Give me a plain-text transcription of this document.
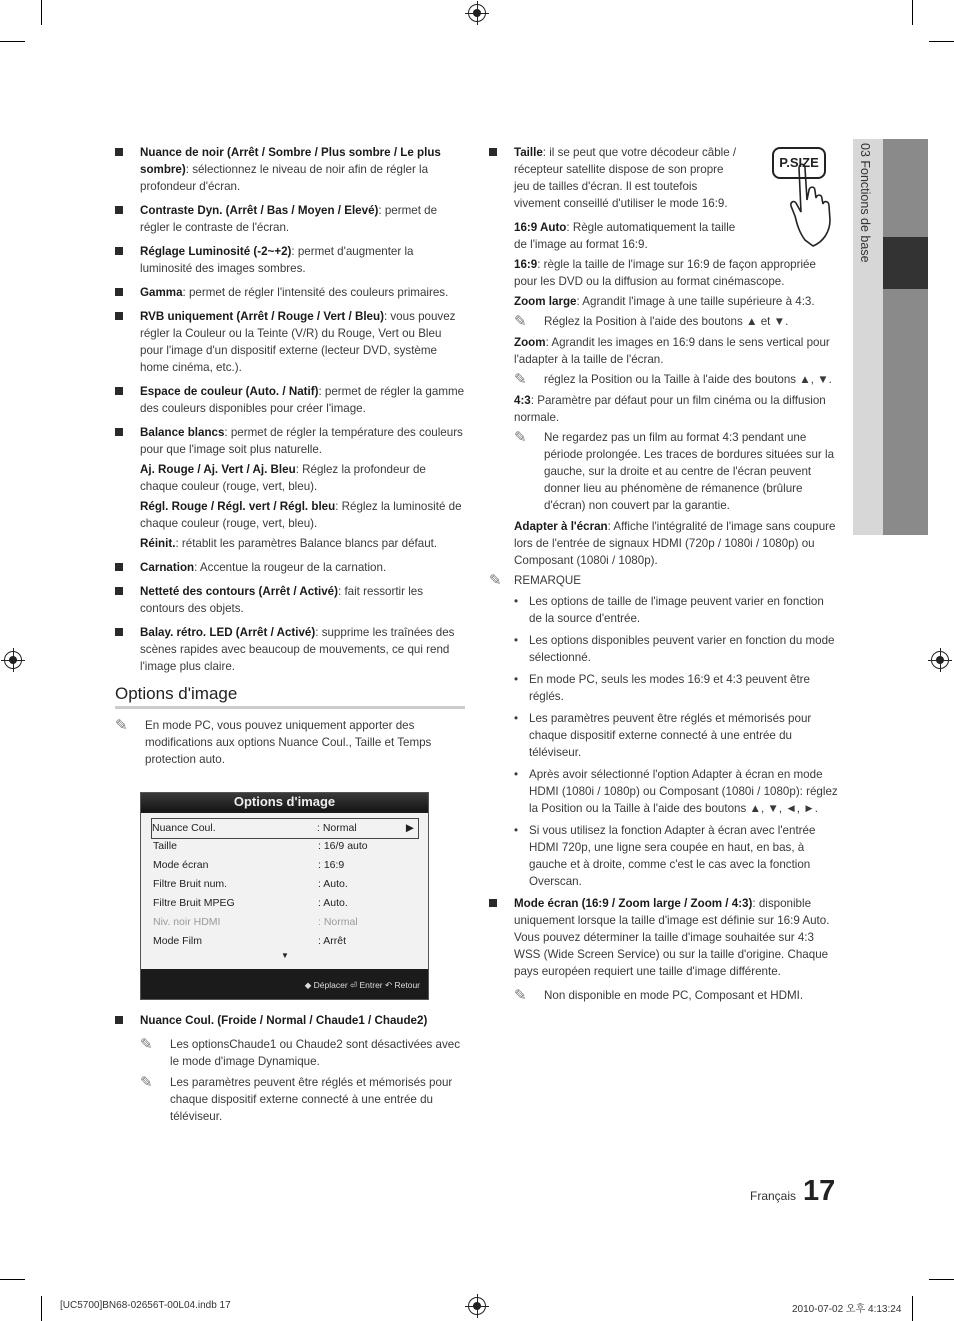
03 Fonctions de base
Nuance de noir (Arrêt / Sombre / Plus sombre / Le plus sombre): sélectionnez le niveau de noir afin de régler la profondeur d'écran.
Contraste Dyn. (Arrêt / Bas / Moyen / Elevé): permet de régler le contraste de l'écran.
Réglage Luminosité (-2~+2): permet d'augmenter la luminosité des images sombres.
Gamma: permet de régler l'intensité des couleurs primaires.
RVB uniquement (Arrêt / Rouge / Vert / Bleu): vous pouvez régler la Couleur ou la Teinte (V/R) du Rouge, Vert ou Bleu pour l'image d'un dispositif externe (lecteur DVD, système home cinéma, etc.).
Espace de couleur (Auto. / Natif): permet de régler la gamme des couleurs disponibles pour créer l'image.
Balance blancs: permet de régler la température des couleurs pour que l'image soit plus naturelle.
Aj. Rouge / Aj. Vert / Aj. Bleu: Réglez la profondeur de chaque couleur (rouge, vert, bleu).
Régl. Rouge / Régl. vert / Régl. bleu: Réglez la luminosité de chaque couleur (rouge, vert, bleu).
Réinit.: rétablit les paramètres Balance blancs par défaut.
Carnation: Accentue la rougeur de la carnation.
Netteté des contours (Arrêt / Activé): fait ressortir les contours des objets.
Balay. rétro. LED (Arrêt / Activé): supprime les traînées des scènes rapides avec beaucoup de mouvements, ce qui rend l'image plus claire.
Options d'image
✎ En mode PC, vous pouvez uniquement apporter des modifications aux options Nuance Coul., Taille et Temps protection auto.
Options d'image
Nuance Coul.	: Normal	▶
Taille	: 16/9 auto
Mode écran	: 16:9
Filtre Bruit num.	: Auto.
Filtre Bruit MPEG	: Auto.
Niv. noir HDMI	: Normal
Mode Film	: Arrêt
▼
◆ Déplacer ⏎ Entrer ↶ Retour
Nuance Coul. (Froide / Normal / Chaude1 / Chaude2)
✎ Les optionsChaude1 ou Chaude2 sont désactivées avec le mode d'image Dynamique.
✎ Les paramètres peuvent être réglés et mémorisés pour chaque dispositif externe connecté à une entrée du téléviseur.
Taille: il se peut que votre décodeur câble / récepteur satellite dispose de son propre jeu de tailles d'écran. Il est toutefois vivement conseillé d'utiliser le mode 16:9.
16:9 Auto: Règle automatiquement la taille de l'image au format 16:9.
16:9: règle la taille de l'image sur 16:9 de façon appropriée pour les DVD ou la diffusion au format cinémascope.
Zoom large: Agrandit l'image à une taille supérieure à 4:3.
✎ Réglez la Position à l'aide des boutons ▲ et ▼.
Zoom: Agrandit les images en 16:9 dans le sens vertical pour l'adapter à la taille de l'écran.
✎ réglez la Position ou la Taille à l'aide des boutons ▲, ▼.
4:3: Paramètre par défaut pour un film cinéma ou la diffusion normale.
✎ Ne regardez pas un film au format 4:3 pendant une période prolongée. Les traces de bordures situées sur la gauche, sur la droite et au centre de l'écran peuvent donner lieu au phénomène de rémanence (brûlure d'écran) non couvert par la garantie.
Adapter à l'écran: Affiche l'intégralité de l'image sans coupure lors de l'entrée de signaux HDMI (720p / 1080i / 1080p) ou Composant (1080i / 1080p).
✎ REMARQUE
• Les options de taille de l'image peuvent varier en fonction de la source d'entrée.
• Les options disponibles peuvent varier en fonction du mode sélectionné.
• En mode PC, seuls les modes 16:9 et 4:3 peuvent être réglés.
• Les paramètres peuvent être réglés et mémorisés pour chaque dispositif externe connecté à une entrée du téléviseur.
• Après avoir sélectionné l'option Adapter à écran en mode HDMI (1080i / 1080p) ou Composant (1080i / 1080p): réglez la Position ou la Taille à l'aide des boutons ▲, ▼, ◄, ►.
• Si vous utilisez la fonction Adapter à écran avec l'entrée HDMI 720p, une ligne sera coupée en haut, en bas, à gauche et à droite, comme c'est le cas avec la fonction Overscan.
Mode écran (16:9 / Zoom large / Zoom / 4:3): disponible uniquement lorsque la taille d'image est définie sur 16:9 Auto. Vous pouvez déterminer la taille d'image souhaitée sur 4:3 WSS (Wide Screen Service) ou sur la taille d'origine. Chaque pays européen requiert une taille d'image différente.
✎ Non disponible en mode PC, Composant et HDMI.
P.SIZE
Français 17
[UC5700]BN68-02656T-00L04.indb 17	2010-07-02 오후 4:13:24
